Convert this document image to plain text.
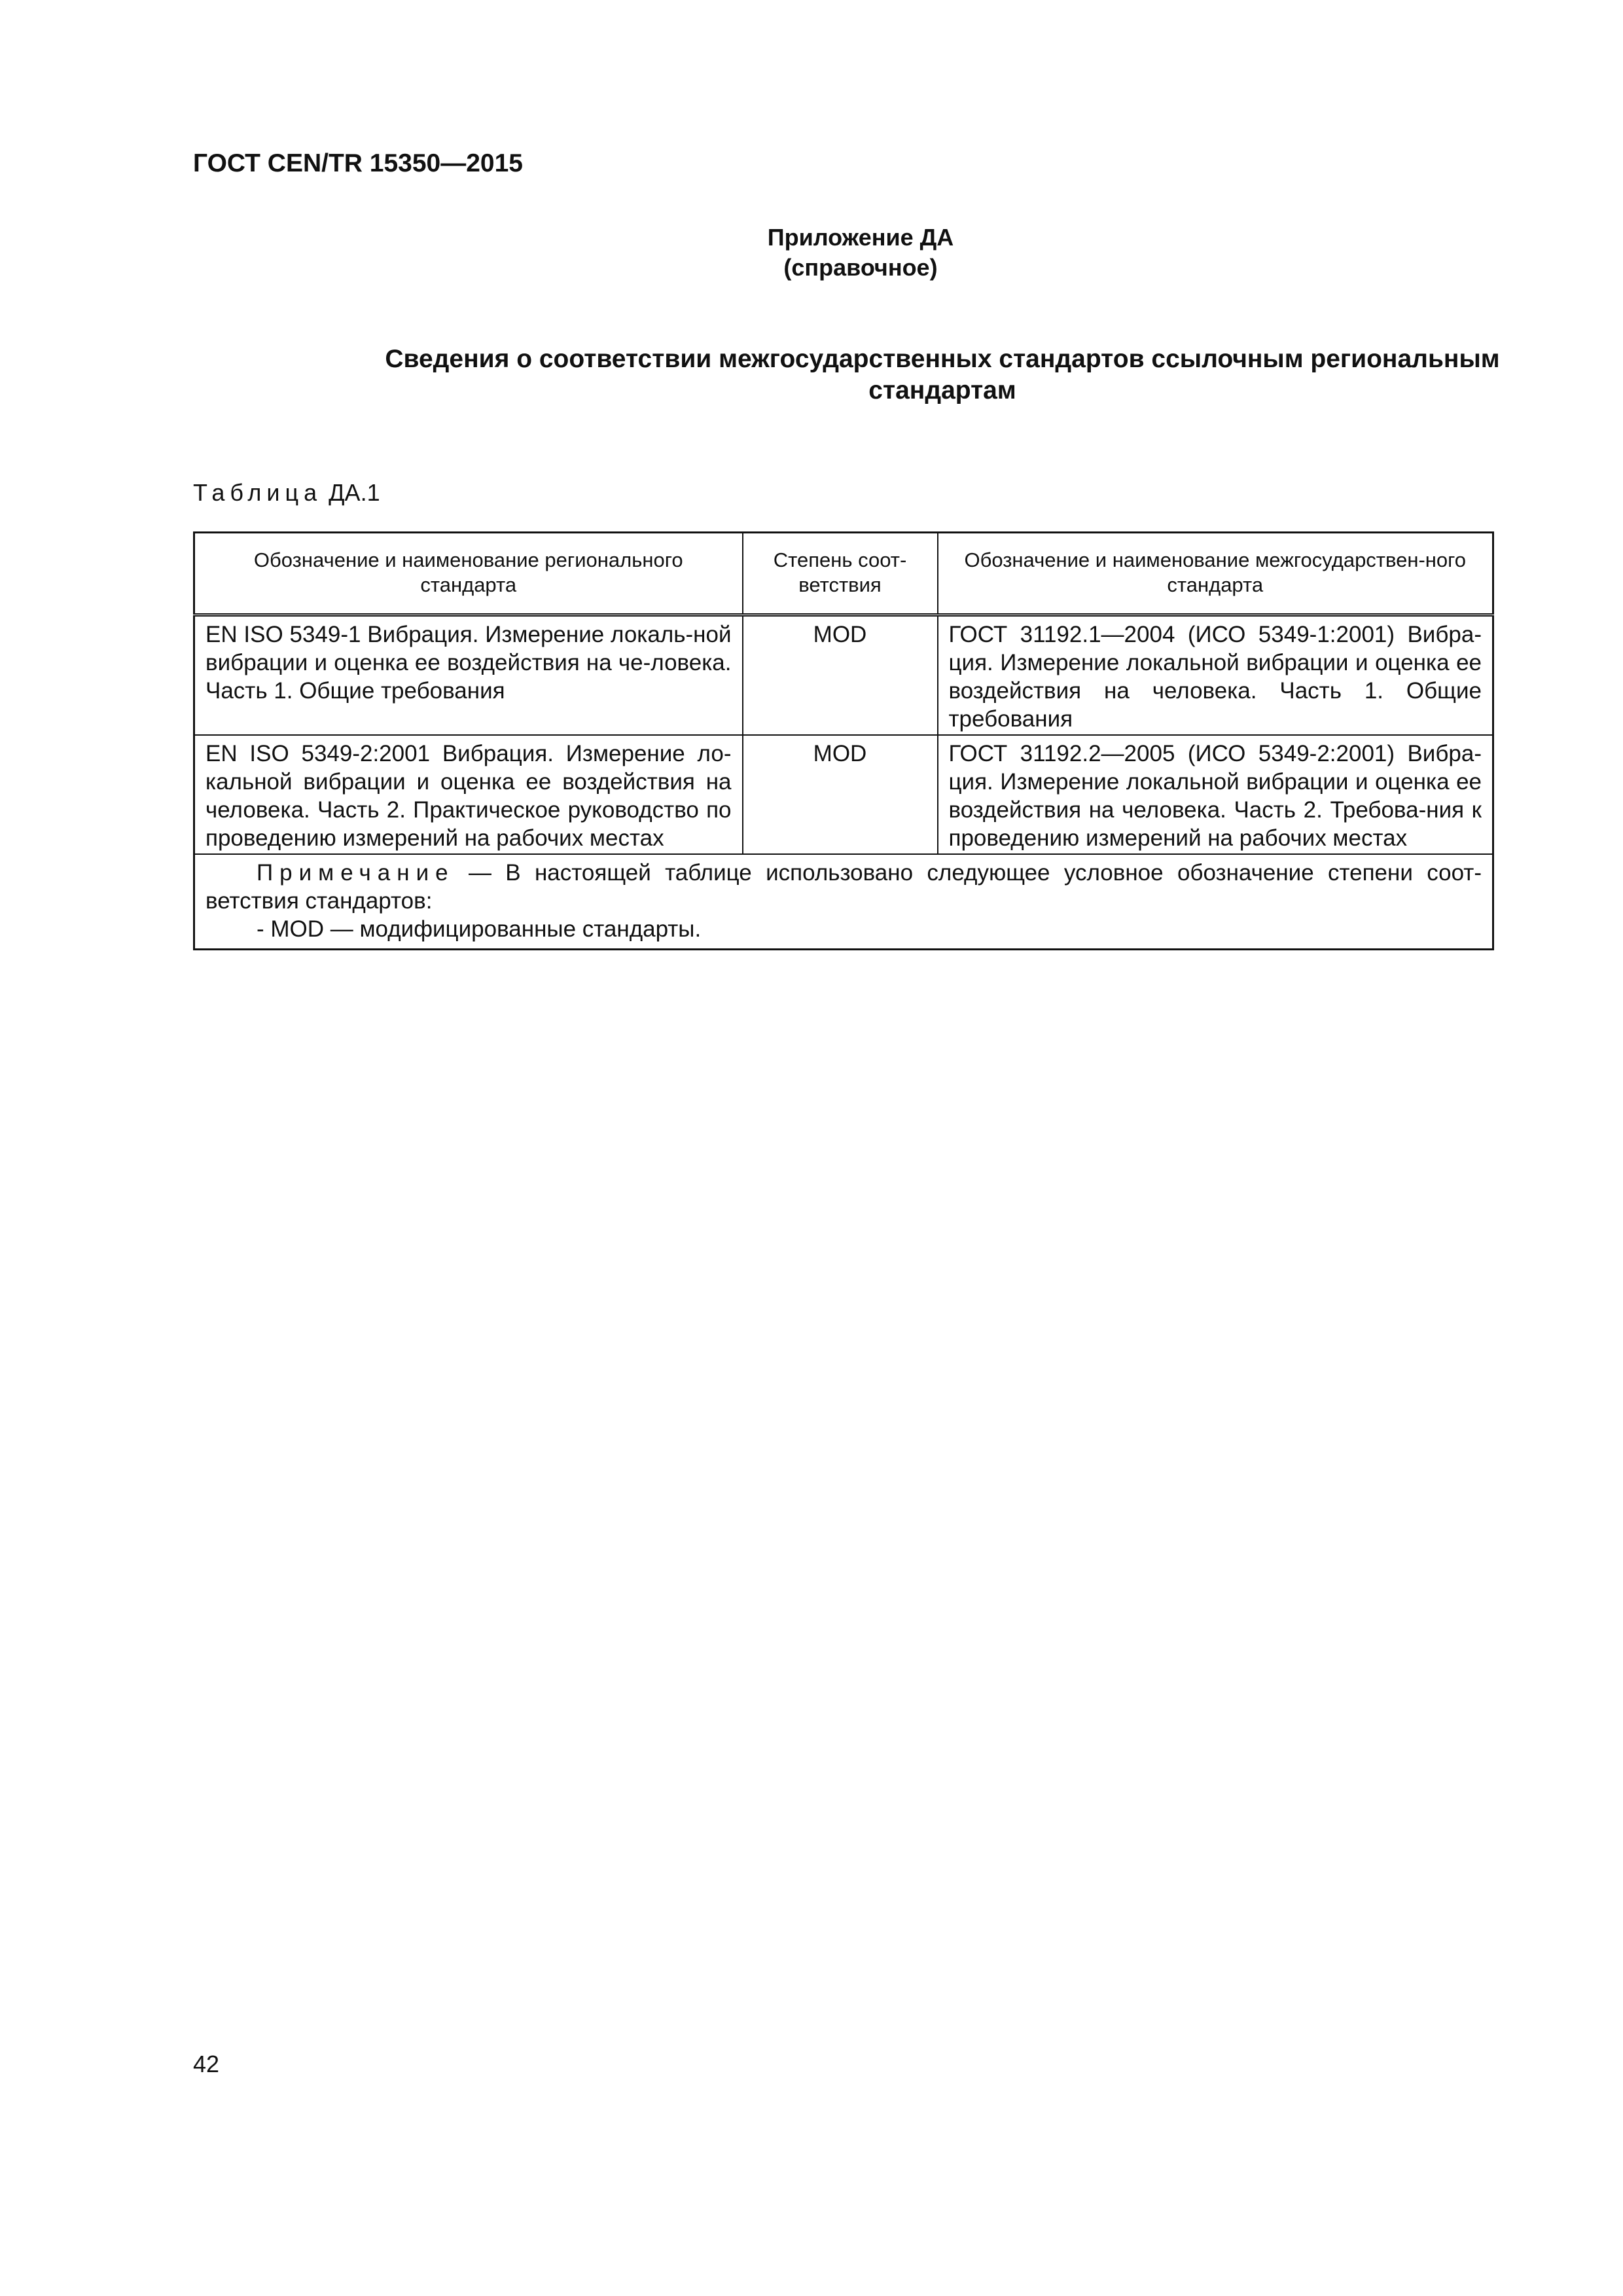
ГОСТ CEN/TR 15350—2015
Приложение ДА
(справочное)
Сведения о соответствии межгосударственных стандартов ссылочным региональным
стандартам
Таблица ДА.1
Обозначение и наименование регионального стандарта	Степень соот-ветствия	Обозначение и наименование межгосударствен-ного стандарта
EN ISO 5349-1 Вибрация. Измерение локаль-ной вибрации и оценка ее воздействия на че-ловека. Часть 1. Общие требования	MOD	ГОСТ 31192.1—2004 (ИСО 5349-1:2001) Вибра-ция. Измерение локальной вибрации и оценка ее воздействия на человека. Часть 1. Общие требования
EN ISO 5349-2:2001 Вибрация. Измерение ло-кальной вибрации и оценка ее воздействия на человека. Часть 2. Практическое руководство по проведению измерений на рабочих местах	MOD	ГОСТ 31192.2—2005 (ИСО 5349-2:2001) Вибра-ция. Измерение локальной вибрации и оценка ее воздействия на человека. Часть 2. Требова-ния к проведению измерений на рабочих местах

Примечание — В настоящей таблице использовано следующее условное обозначение степени соот-ветствия стандартов:
- MOD — модифицированные стандарты.		
42
